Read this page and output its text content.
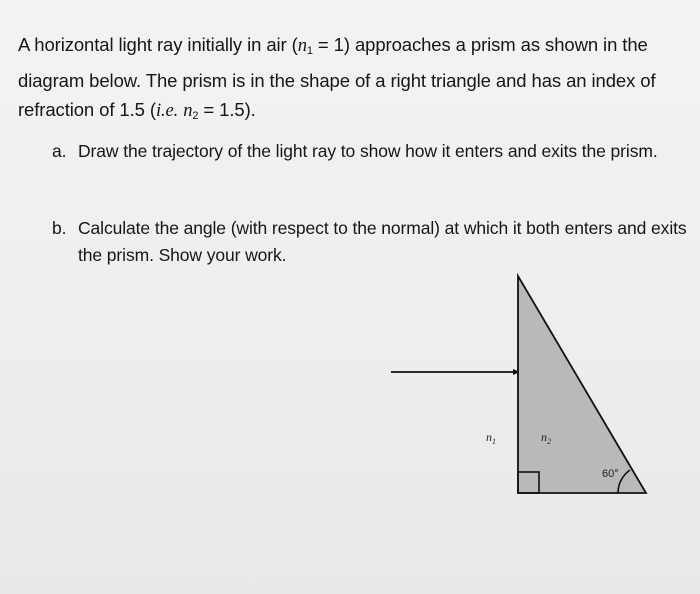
A horizontal light ray initially in air $(n_1 = 1)$ approaches a prism as shown in the diagram below. The prism is in the shape of a right triangle and has an index of refraction of 1.5 (i.e. $n_2 = 1.5$).
a. Draw the trajectory of the light ray to show how it enters and exits the prism.
b. Calculate the angle (with respect to the normal) at which it both enters and exits the prism. Show your work.
60°
$n_1$	$n_2$
